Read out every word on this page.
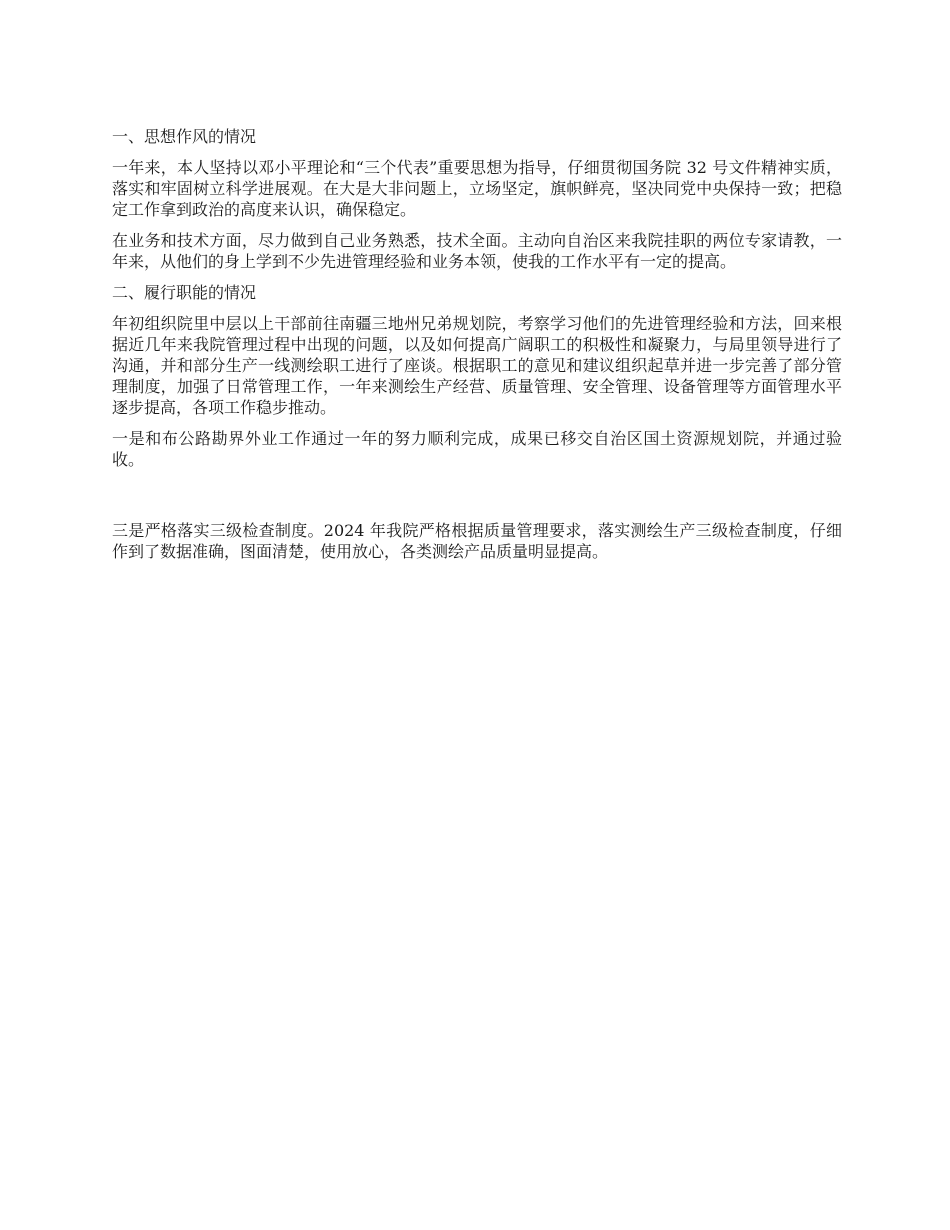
一、思想作风的情况

一年来，本人坚持以邓小平理论和“三个代表”重要思想为指导，仔细贯彻国务院 32 号文件精神实质，落实和牢固树立科学进展观。在大是大非问题上，立场坚定，旗帜鲜亮，坚决同党中央保持一致；把稳定工作拿到政治的高度来认识，确保稳定。

在业务和技术方面，尽力做到自己业务熟悉，技术全面。主动向自治区来我院挂职的两位专家请教，一年来，从他们的身上学到不少先进管理经验和业务本领，使我的工作水平有一定的提高。

二、履行职能的情况

年初组织院里中层以上干部前往南疆三地州兄弟规划院，考察学习他们的先进管理经验和方法，回来根据近几年来我院管理过程中出现的问题，以及如何提高广阔职工的积极性和凝聚力，与局里领导进行了沟通，并和部分生产一线测绘职工进行了座谈。根据职工的意见和建议组织起草并进一步完善了部分管理制度，加强了日常管理工作，一年来测绘生产经营、质量管理、安全管理、设备管理等方面管理水平逐步提高，各项工作稳步推动。

一是和布公路勘界外业工作通过一年的努力顺利完成，成果已移交自治区国土资源规划院，并通过验收。

三是严格落实三级检查制度。2024 年我院严格根据质量管理要求，落实测绘生产三级检查制度，仔细作到了数据准确，图面清楚，使用放心，各类测绘产品质量明显提高。
